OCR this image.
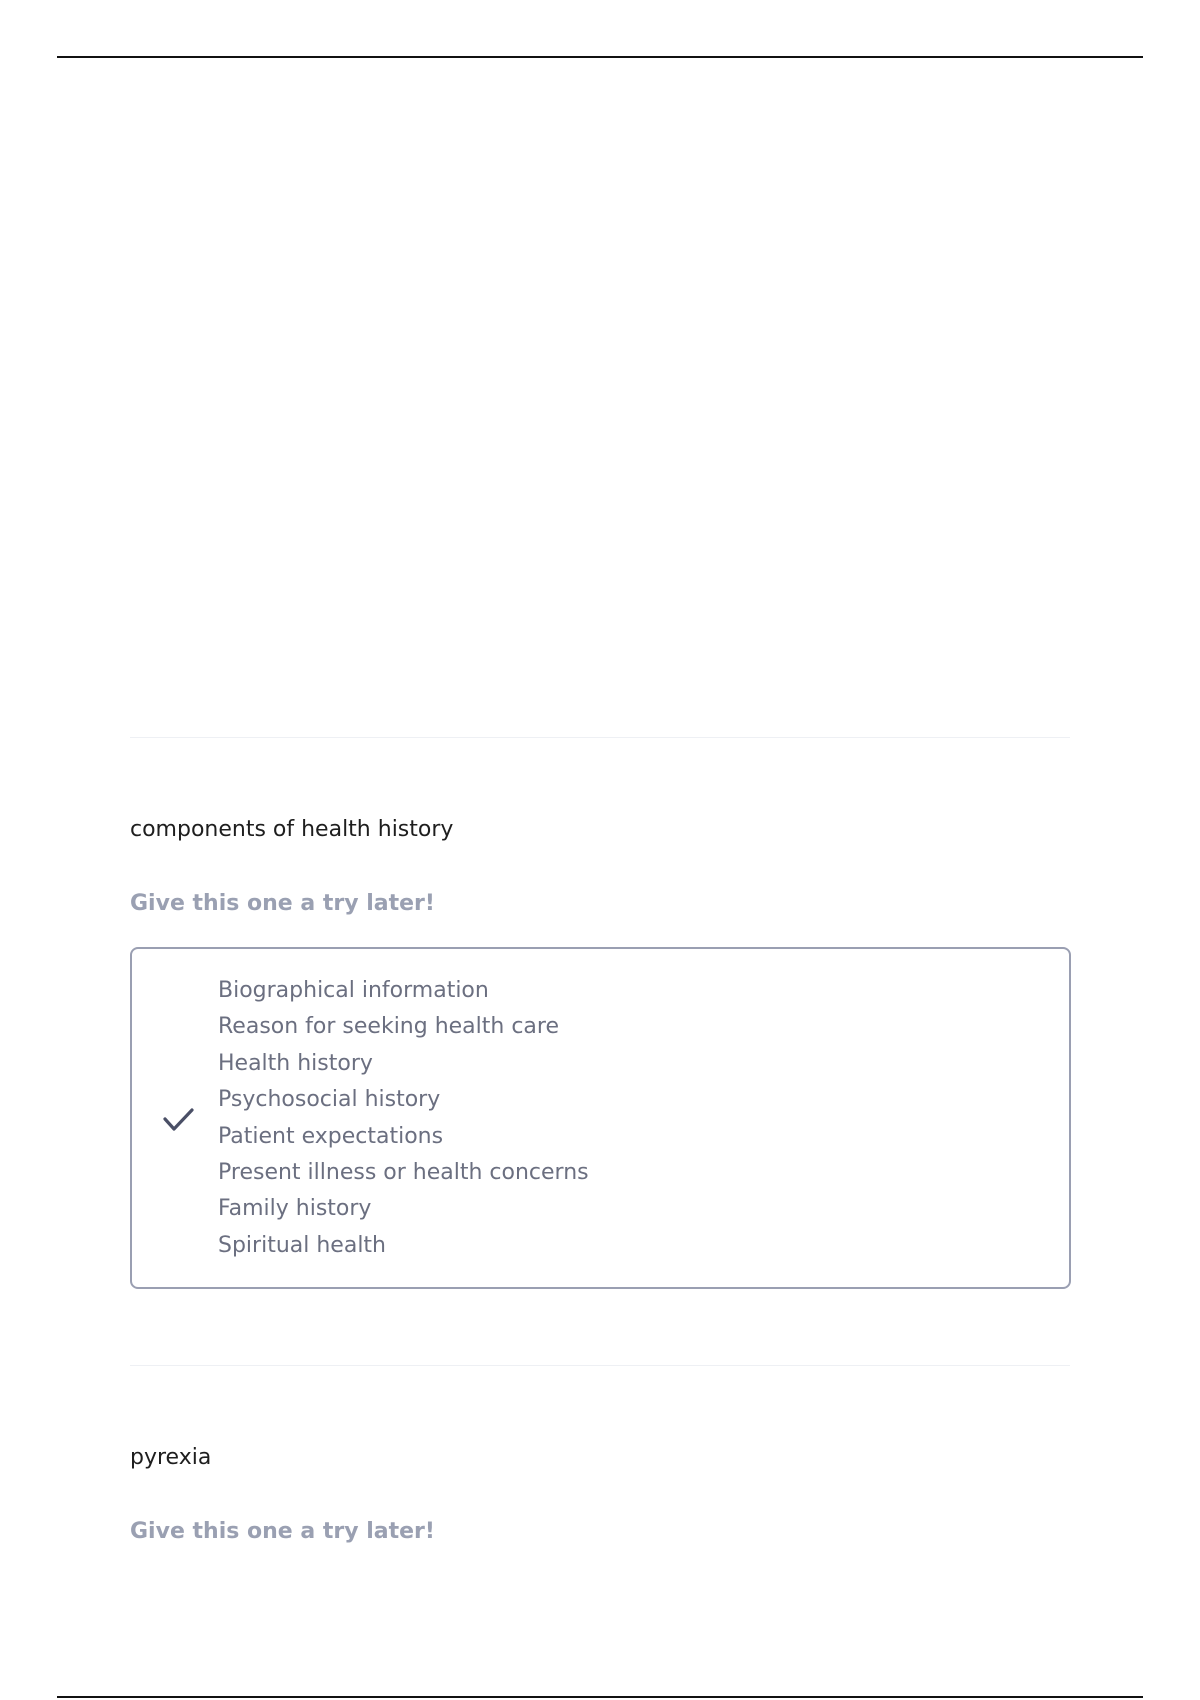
components of health history
Give this one a try later!
Biographical information
Reason for seeking health care
Health history
Psychosocial history
Patient expectations
Present illness or health concerns
Family history
Spiritual health
pyrexia
Give this one a try later!
